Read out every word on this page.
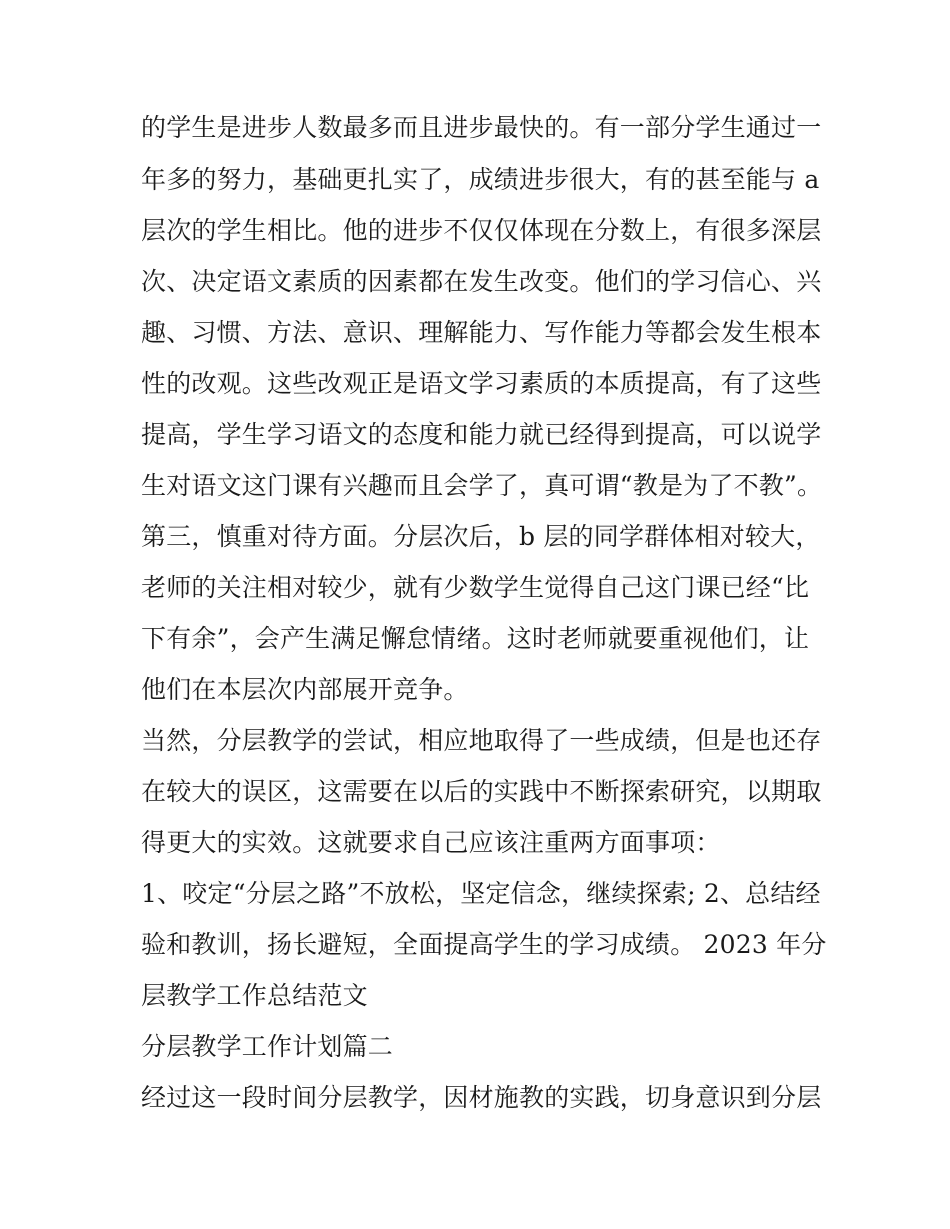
的学生是进步人数最多而且进步最快的。有一部分学生通过一
年多的努力，基础更扎实了，成绩进步很大，有的甚至能与 a
层次的学生相比。他的进步不仅仅体现在分数上，有很多深层
次、决定语文素质的因素都在发生改变。他们的学习信心、兴
趣、习惯、方法、意识、理解能力、写作能力等都会发生根本
性的改观。这些改观正是语文学习素质的本质提高，有了这些
提高，学生学习语文的态度和能力就已经得到提高，可以说学
生对语文这门课有兴趣而且会学了，真可谓“教是为了不教”。
第三，慎重对待方面。分层次后，b 层的同学群体相对较大，
老师的关注相对较少，就有少数学生觉得自己这门课已经“比
下有余”，会产生满足懈怠情绪。这时老师就要重视他们，让
他们在本层次内部展开竞争。
当然，分层教学的尝试，相应地取得了一些成绩，但是也还存
在较大的误区，这需要在以后的实践中不断探索研究，以期取
得更大的实效。这就要求自己应该注重两方面事项：
1、咬定“分层之路”不放松，坚定信念，继续探索; 2、总结经
验和教训，扬长避短，全面提高学生的学习成绩。 2023 年分
层教学工作总结范文
分层教学工作计划篇二
经过这一段时间分层教学，因材施教的实践，切身意识到分层
